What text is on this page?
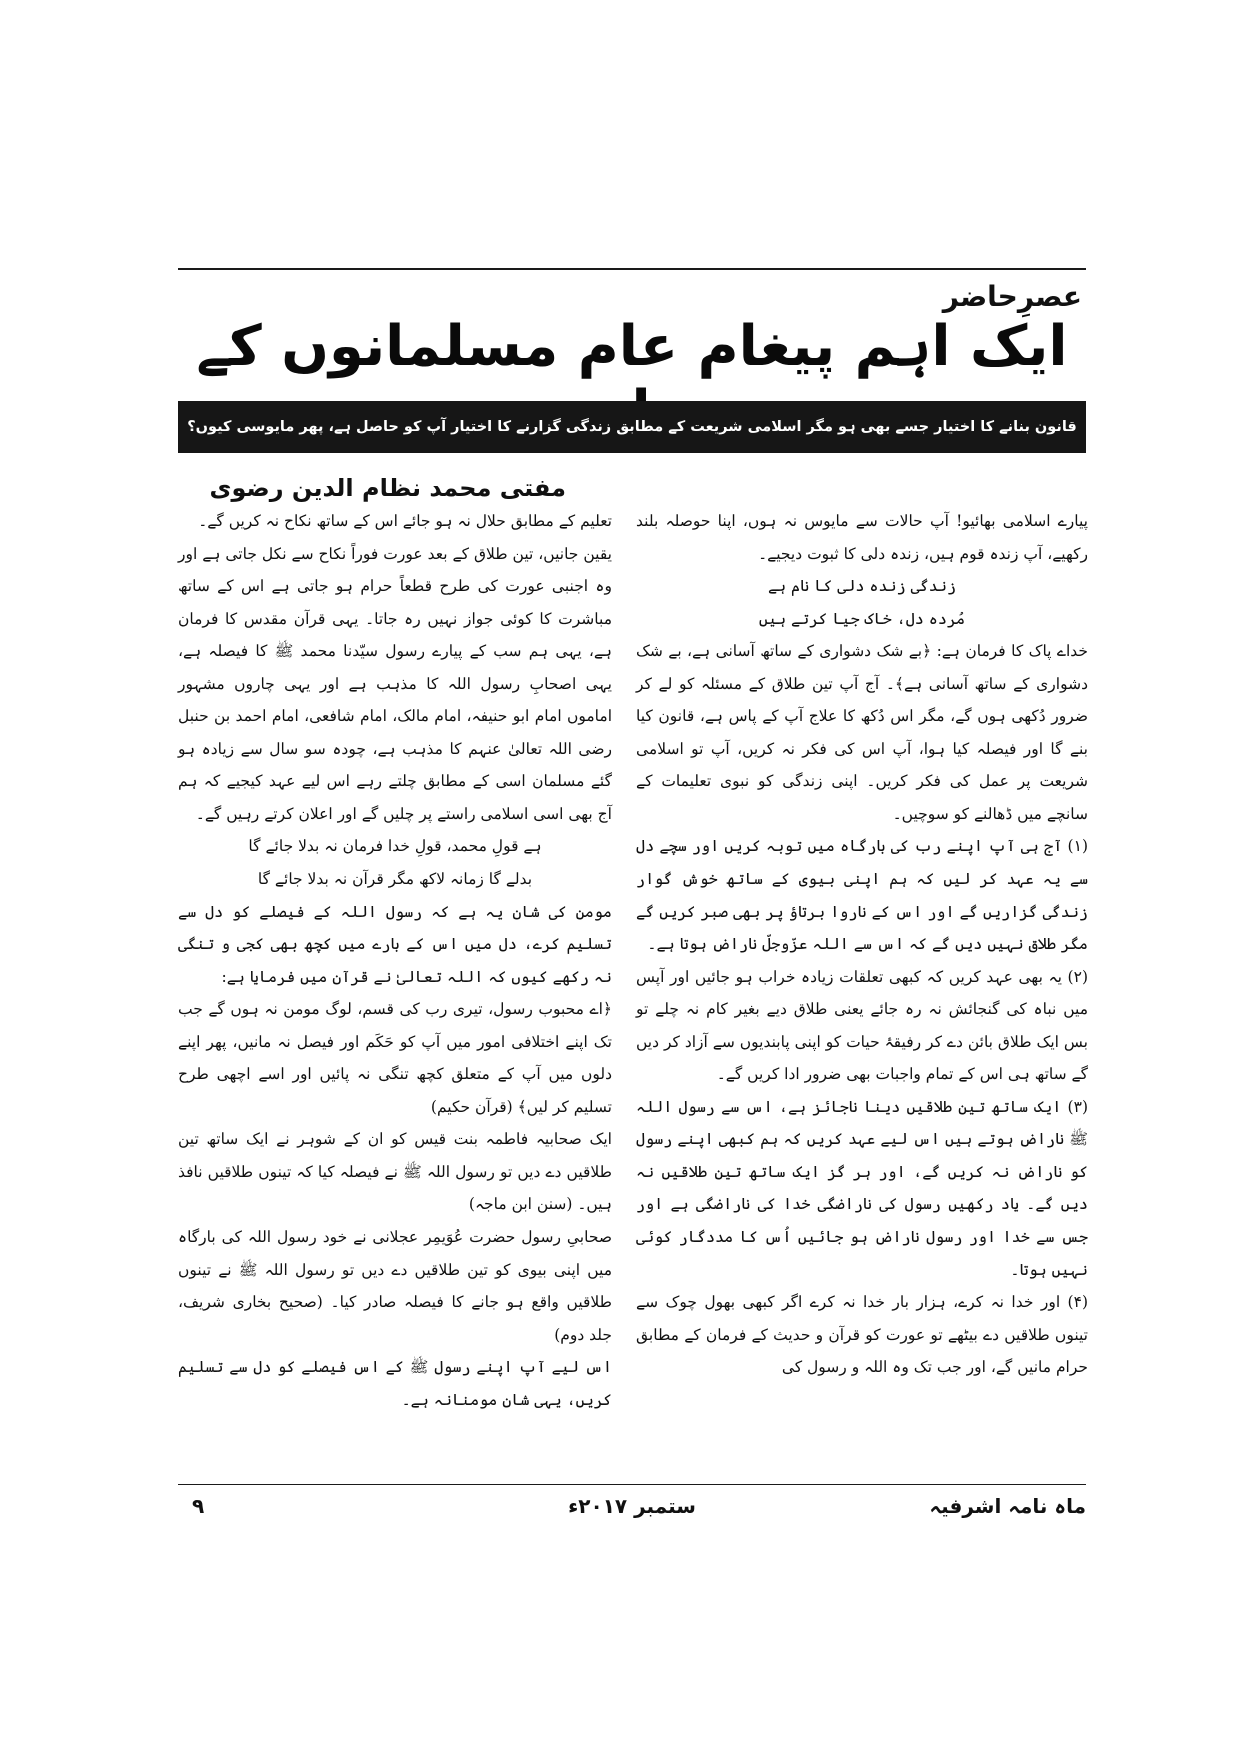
عصرِحاضر
ایک اہم پیغام عام مسلمانوں کے
قانون بنانے کا اختیار جسے بھی ہو مگر اسلامی شریعت کے مطابق زندگی گزارنے کا اختیار آپ کو حاصل ہے، پھر مایوسی کیوں؟
مفتی محمد نظام الدین رضوی

پیارے اسلامی بھائیو! آپ حالات سے مایوس نہ ہوں، اپنا حوصلہ بلند رکھیے، آپ زندہ قوم ہیں، زندہ دلی کا ثبوت دیجیے۔

زندگی زندہ دلی کا نام ہے

مُردہ دل، خاک جیا کرتے ہیں

خداے پاک کا فرمان ہے: ﴿بے شک دشواری کے ساتھ آسانی ہے، بے شک دشواری کے ساتھ آسانی ہے﴾۔ آج آپ تین طلاق کے مسئلہ کو لے کر ضرور دُکھی ہوں گے، مگر اس دُکھ کا علاج آپ کے پاس ہے، قانون کیا بنے گا اور فیصلہ کیا ہوا، آپ اس کی فکر نہ کریں، آپ تو اسلامی شریعت پر عمل کی فکر کریں۔ اپنی زندگی کو نبوی تعلیمات کے سانچے میں ڈھالنے کو سوچیں۔

(۱) آج ہی آپ اپنے رب کی بارگاہ میں توبہ کریں اور سچے دل سے یہ عہد کر لیں کہ ہم اپنی بیوی کے ساتھ خوش گوار زندگی گزاریں گے اور اس کے ناروا برتاؤ پر بھی صبر کریں گے مگر طلاق نہیں دیں گے کہ اس سے اللہ عزّوجلّ ناراض ہوتا ہے۔

(۲) یہ بھی عہد کریں کہ کبھی تعلقات زیادہ خراب ہو جائیں اور آپس میں نباہ کی گنجائش نہ رہ جائے یعنی طلاق دیے بغیر کام نہ چلے تو بس ایک طلاق بائن دے کر رفیقۂ حیات کو اپنی پابندیوں سے آزاد کر دیں گے ساتھ ہی اس کے تمام واجبات بھی ضرور ادا کریں گے۔

(۳) ایک ساتھ تین طلاقیں دینا ناجائز ہے، اس سے رسول اللہ ﷺ ناراض ہوتے ہیں اس لیے عہد کریں کہ ہم کبھی اپنے رسول کو ناراض نہ کریں گے، اور ہر گز ایک ساتھ تین طلاقیں نہ دیں گے۔ یاد رکھیں رسول کی ناراضگی خدا کی ناراضگی ہے اور جس سے خدا اور رسول ناراض ہو جائیں اُس کا مددگار کوئی نہیں ہوتا۔

(۴) اور خدا نہ کرے، ہزار بار خدا نہ کرے اگر کبھی بھول چوک سے تینوں طلاقیں دے بیٹھے تو عورت کو قرآن و حدیث کے فرمان کے مطابق حرام مانیں گے، اور جب تک وہ اللہ و رسول کی

تعلیم کے مطابق حلال نہ ہو جائے اس کے ساتھ نکاح نہ کریں گے۔

یقین جانیں، تین طلاق کے بعد عورت فوراً نکاح سے نکل جاتی ہے اور وہ اجنبی عورت کی طرح قطعاً حرام ہو جاتی ہے اس کے ساتھ مباشرت کا کوئی جواز نہیں رہ جاتا۔ یہی قرآن مقدس کا فرمان ہے، یہی ہم سب کے پیارے رسول سیّدنا محمد ﷺ کا فیصلہ ہے، یہی اصحابِ رسول اللہ کا مذہب ہے اور یہی چاروں مشہور اماموں امام ابو حنیفہ، امام مالک، امام شافعی، امام احمد بن حنبل رضی اللہ تعالیٰ عنہم کا مذہب ہے، چودہ سو سال سے زیادہ ہو گئے مسلمان اسی کے مطابق چلتے رہے اس لیے عہد کیجیے کہ ہم آج بھی اسی اسلامی راستے پر چلیں گے اور اعلان کرتے رہیں گے۔

ہے قولِ محمد، قولِ خدا فرمان نہ بدلا جائے گا

بدلے گا زمانہ لاکھ مگر قرآن نہ بدلا جائے گا

مومن کی شان یہ ہے کہ رسول اللہ کے فیصلے کو دل سے تسلیم کرے، دل میں اس کے بارے میں کچھ بھی کجی و تنگی نہ رکھے کیوں کہ اللہ تعالیٰ نے قرآن میں فرمایا ہے:

﴿اے محبوب رسول، تیری رب کی قسم، لوگ مومن نہ ہوں گے جب تک اپنے اختلافی امور میں آپ کو حَکَم اور فیصل نہ مانیں، پھر اپنے دلوں میں آپ کے متعلق کچھ تنگی نہ پائیں اور اسے اچھی طرح تسلیم کر لیں﴾ (قرآن حکیم)

ایک صحابیہ فاطمہ بنت قیس کو ان کے شوہر نے ایک ساتھ تین طلاقیں دے دیں تو رسول اللہ ﷺ نے فیصلہ کیا کہ تینوں طلاقیں نافذ ہیں۔ (سنن ابن ماجہ)

صحابیِ رسول حضرت عُوَیمِر عجلانی نے خود رسول اللہ کی بارگاہ میں اپنی بیوی کو تین طلاقیں دے دیں تو رسول اللہ ﷺ نے تینوں طلاقیں واقع ہو جانے کا فیصلہ صادر کیا۔ (صحیح بخاری شریف، جلد دوم)

اس لیے آپ اپنے رسول ﷺ کے اس فیصلے کو دل سے تسلیم کریں، یہی شانِ مومنانہ ہے۔

ماہ نامہ اشرفیہ
ستمبر ۲۰۱۷ء
۹
